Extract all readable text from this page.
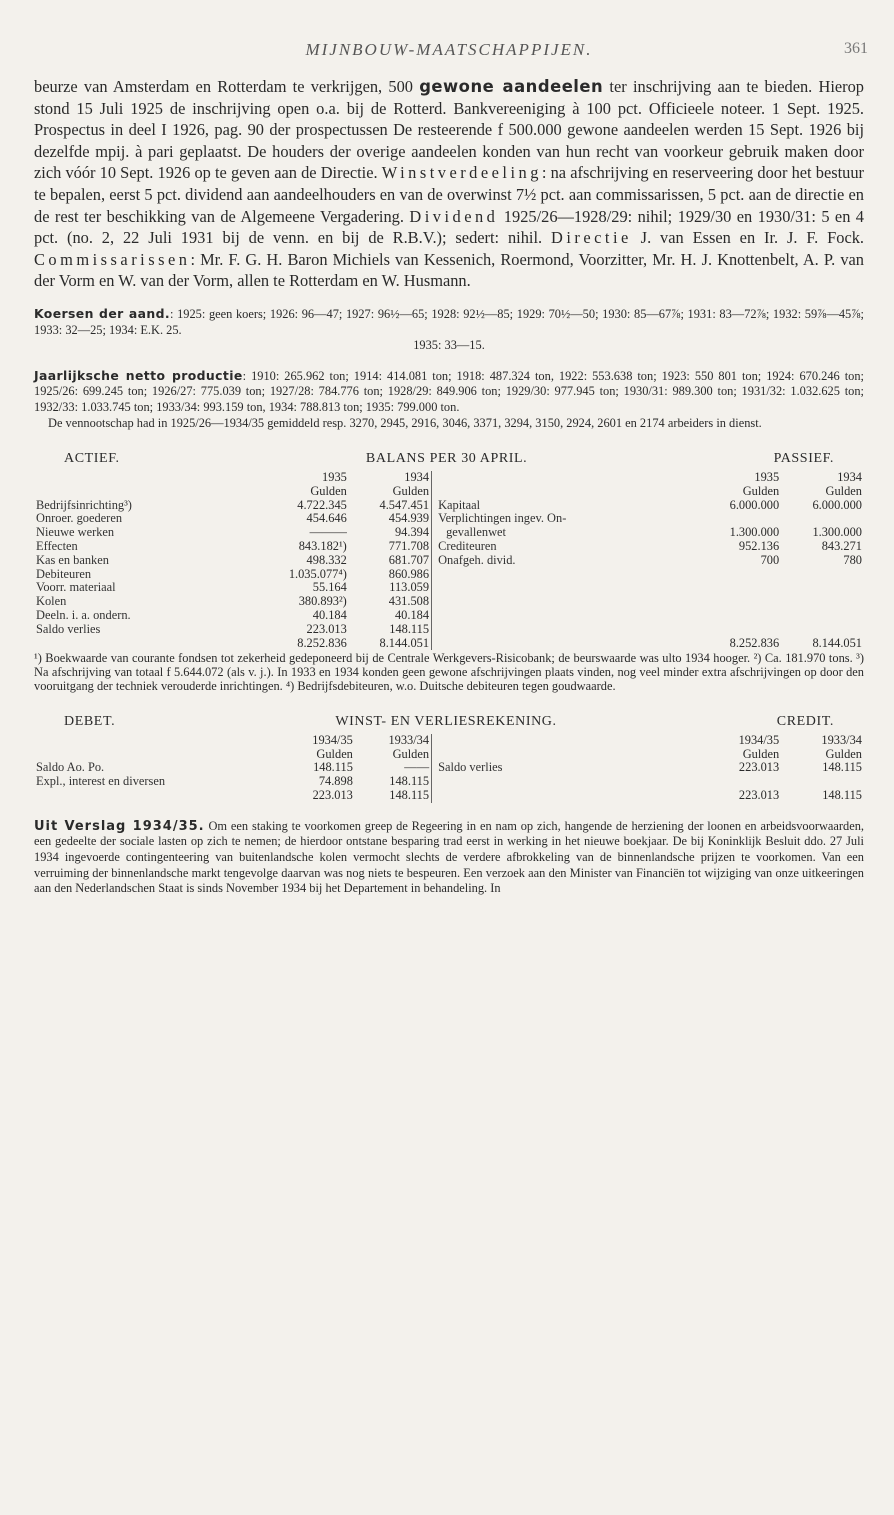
MIJNBOUW-MAATSCHAPPIJEN.	361

beurze van Amsterdam en Rotterdam te verkrijgen, 500 gewone aandeelen ter inschrijving aan te bieden. Hierop stond 15 Juli 1925 de inschrijving open o.a. bij de Rotterd. Bankvereeniging à 100 pct. Officieele noteer. 1 Sept. 1925. Prospectus in deel I 1926, pag. 90 der prospectussen De resteerende f 500.000 gewone aandeelen werden 15 Sept. 1926 bij dezelfde mpij. à pari geplaatst. De houders der overige aandeelen konden van hun recht van voorkeur gebruik maken door zich vóór 10 Sept. 1926 op te geven aan de Directie. Winstverdeeling: na afschrijving en reserveering door het bestuur te bepalen, eerst 5 pct. dividend aan aandeelhouders en van de overwinst 7½ pct. aan commissarissen, 5 pct. aan de directie en de rest ter beschikking van de Algemeene Vergadering. Dividend 1925/26—1928/29: nihil; 1929/30 en 1930/31: 5 en 4 pct. (no. 2, 22 Juli 1931 bij de venn. en bij de R.B.V.); sedert: nihil. Directie J. van Essen en Ir. J. F. Fock. Commissarissen: Mr. F. G. H. Baron Michiels van Kessenich, Roermond, Voorzitter, Mr. H. J. Knottenbelt, A. P. van der Vorm en W. van der Vorm, allen te Rotterdam en W. Husmann.

Koersen der aand.: 1925: geen koers; 1926: 96—47; 1927: 96½—65; 1928: 92½—85; 1929: 70½—50; 1930: 85—67⅞; 1931: 83—72⅞; 1932: 59⅞—45⅞; 1933: 32—25; 1934: E.K. 25.

1935: 33—15.

Jaarlijksche netto productie: 1910: 265.962 ton; 1914: 414.081 ton; 1918: 487.324 ton, 1922: 553.638 ton; 1923: 550 801 ton; 1924: 670.246 ton; 1925/26: 699.245 ton; 1926/27: 775.039 ton; 1927/28: 784.776 ton; 1928/29: 849.906 ton; 1929/30: 977.945 ton; 1930/31: 989.300 ton; 1931/32: 1.032.625 ton; 1932/33: 1.033.745 ton; 1933/34: 993.159 ton, 1934: 788.813 ton; 1935: 799.000 ton.

De vennootschap had in 1925/26—1934/35 gemiddeld resp. 3270, 2945, 2916, 3046, 3371, 3294, 3150, 2924, 2601 en 2174 arbeiders in dienst.

ACTIEF.	BALANS PER 30 APRIL.	PASSIEF.
	1935	1934			1935	1934
	Gulden	Gulden			Gulden	Gulden
Bedrijfsinrichting³)	4.722.345	4.547.451		Kapitaal	6.000.000	6.000.000
Onroer. goederen	454.646	454.939		Verplichtingen ingev. On-		
Nieuwe werken	———	94.394		gevallenwet	1.300.000	1.300.000
Effecten	843.182¹)	771.708		Crediteuren	952.136	843.271
Kas en banken	498.332	681.707		Onafgeh. divid.	700	780
Debiteuren	1.035.077⁴)	860.986				
Voorr. materiaal	55.164	113.059				
Kolen	380.893²)	431.508				
Deeln. i. a. ondern.	40.184	40.184				
Saldo verlies	223.013	148.115				
	8.252.836	8.144.051			8.252.836	8.144.051

¹) Boekwaarde van courante fondsen tot zekerheid gedeponeerd bij de Centrale Werkgevers-Risicobank; de beurswaarde was ulto 1934 hooger. ²) Ca. 181.970 tons. ³) Na afschrijving van totaal f 5.644.072 (als v. j.). In 1933 en 1934 konden geen gewone afschrijvingen plaats vinden, nog veel minder extra afschrijvingen op door den vooruitgang der techniek verouderde inrichtingen. ⁴) Bedrijfsdebiteuren, w.o. Duitsche debiteuren tegen goudwaarde.

DEBET.	WINST- EN VERLIESREKENING.	CREDIT.
	1934/35	1933/34			1934/35	1933/34
	Gulden	Gulden			Gulden	Gulden
Saldo Ao. Po.	148.115	——		Saldo verlies	223.013	148.115
Expl., interest en diversen	74.898	148.115				
	223.013	148.115			223.013	148.115

Uit Verslag 1934/35. Om een staking te voorkomen greep de Regeering in en nam op zich, hangende de herziening der loonen en arbeidsvoorwaarden, een gedeelte der sociale lasten op zich te nemen; de hierdoor ontstane besparing trad eerst in werking in het nieuwe boekjaar. De bij Koninklijk Besluit ddo. 27 Juli 1934 ingevoerde contingenteering van buitenlandsche kolen vermocht slechts de verdere afbrokkeling van de binnenlandsche prijzen te voorkomen. Van een verruiming der binnenlandsche markt tengevolge daarvan was nog niets te bespeuren. Een verzoek aan den Minister van Financiën tot wijziging van onze uitkeeringen aan den Nederlandschen Staat is sinds November 1934 bij het Departement in behandeling. In
